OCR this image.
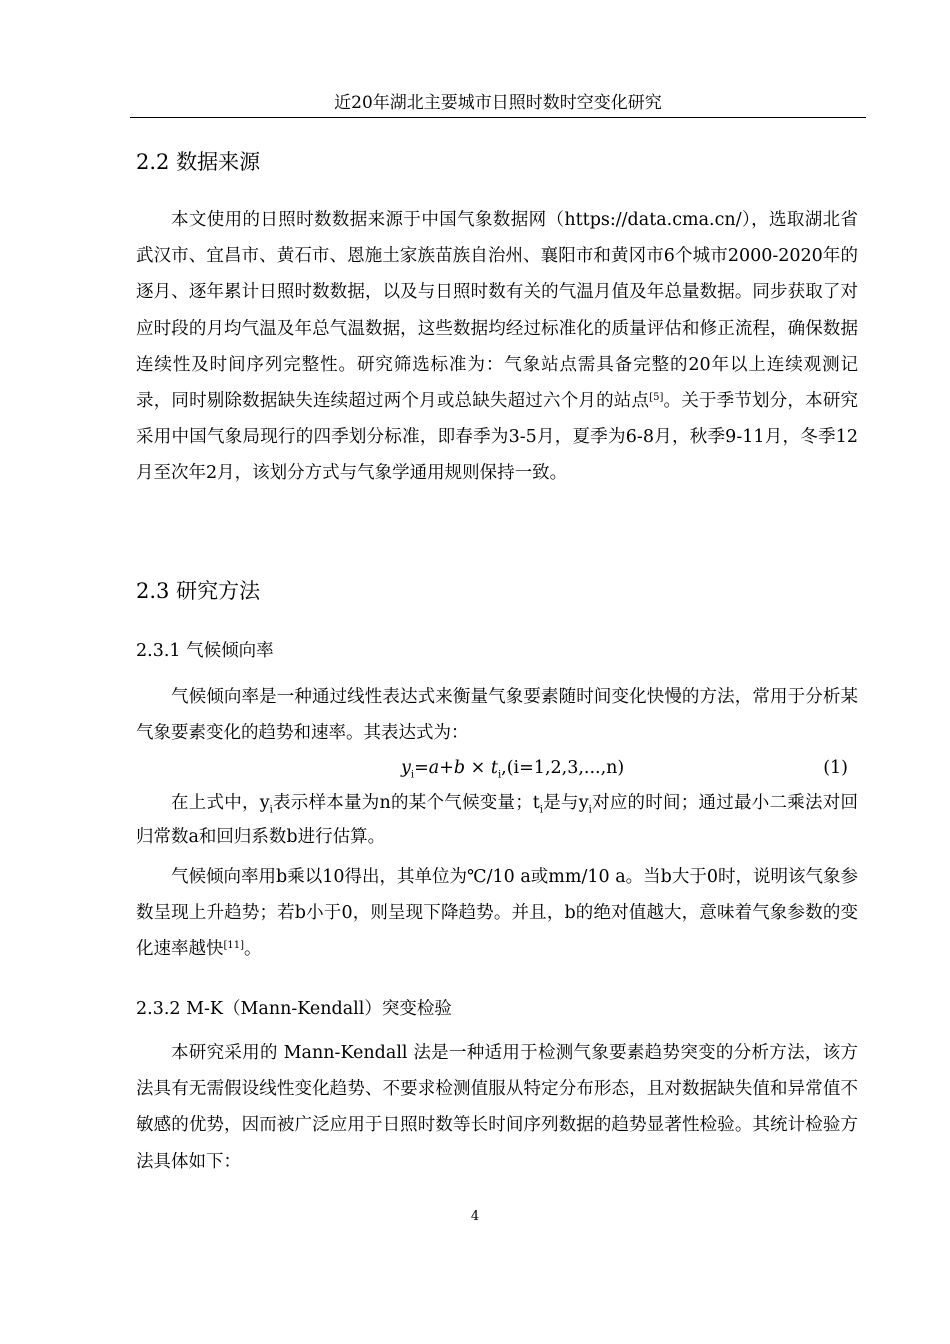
近20年湖北主要城市日照时数时空变化研究
2.2 数据来源

本文使用的日照时数数据来源于中国气象数据网（https://data.cma.cn/），选取湖北省武汉市、宜昌市、黄石市、恩施土家族苗族自治州、襄阳市和黄冈市6个城市2000-2020年的逐月、逐年累计日照时数数据，以及与日照时数有关的气温月值及年总量数据。同步获取了对应时段的月均气温及年总气温数据，这些数据均经过标准化的质量评估和修正流程，确保数据连续性及时间序列完整性。研究筛选标准为：气象站点需具备完整的20年以上连续观测记录，同时剔除数据缺失连续超过两个月或总缺失超过六个月的站点[5]。关于季节划分，本研究采用中国气象局现行的四季划分标准，即春季为3-5月，夏季为6-8月，秋季9-11月，冬季12月至次年2月，该划分方式与气象学通用规则保持一致。

2.3 研究方法
2.3.1 气候倾向率

气候倾向率是一种通过线性表达式来衡量气象要素随时间变化快慢的方法，常用于分析某气象要素变化的趋势和速率。其表达式为：

$y_i=a+b \times t_i,(i=1,2,3,...,n)$	(1)

在上式中，$y_i$表示样本量为n的某个气候变量；$t_i$是与$y_i$对应的时间；通过最小二乘法对回归常数a和回归系数b进行估算。

气候倾向率用b乘以10得出，其单位为℃/10 a或mm/10 a。当b大于0时，说明该气象参数呈现上升趋势；若b小于0，则呈现下降趋势。并且，b的绝对值越大，意味着气象参数的变化速率越快[11]。

2.3.2 M-K（Mann-Kendall）突变检验

本研究采用的 Mann-Kendall 法是一种适用于检测气象要素趋势突变的分析方法，该方法具有无需假设线性变化趋势、不要求检测值服从特定分布形态，且对数据缺失值和异常值不敏感的优势，因而被广泛应用于日照时数等长时间序列数据的趋势显著性检验。其统计检验方法具体如下：

4
